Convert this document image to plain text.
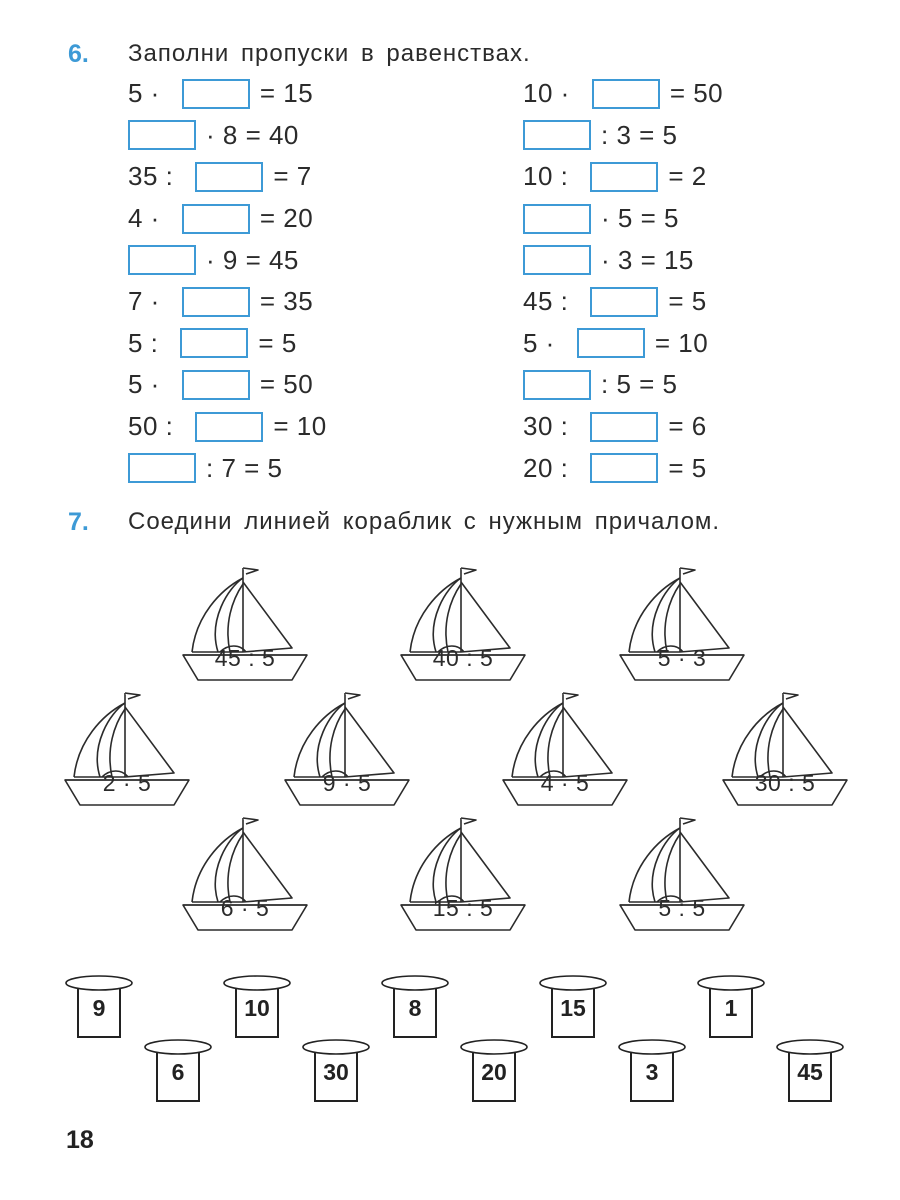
6. Заполни пропуски в равенствах.
5 ·	= 15
· 8 = 40
35 :	= 7
4 ·	= 20
· 9 = 45
7 ·	= 35
5 :	= 5
5 ·	= 50
50 :	= 10
: 7 = 5
10 ·	= 50
: 3 = 5
10 :	= 2
· 5 = 5
· 3 = 15
45 :	= 5
5 ·	= 10
: 5 = 5
30 :	= 6
20 :	= 5
7. Соедини линией кораблик с нужным причалом.
45 : 5	40 : 5	5 · 3
2 · 5	9 · 5	4 · 5	30 : 5
6 · 5	15 : 5	5 : 5
9	10	8	15	1
6	30	20	3	45
18
